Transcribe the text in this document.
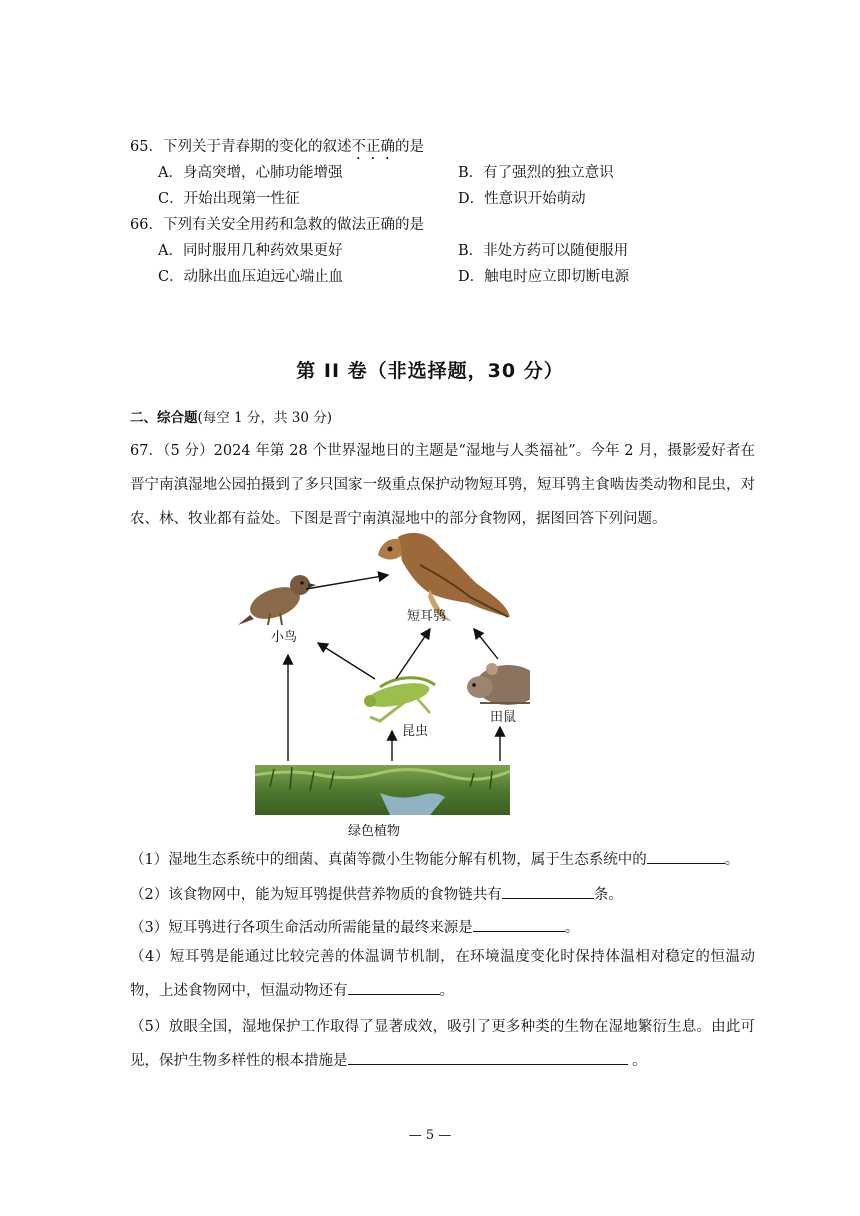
65．下列关于青春期的变化的叙述不正确的是
A．身高突增，心肺功能增强	B．有了强烈的独立意识
C．开始出现第一性征	D．性意识开始萌动
66．下列有关安全用药和急救的做法正确的是
A．同时服用几种药效果更好	B．非处方药可以随便服用
C．动脉出血压迫远心端止血	D．触电时应立即切断电源
第 II 卷（非选择题，30 分）
二、综合题(每空 1 分，共 30 分)
67．（5 分）2024 年第 28 个世界湿地日的主题是“湿地与人类福祉”。今年 2 月，摄影爱好者在晋宁南滇湿地公园拍摄到了多只国家一级重点保护动物短耳鸮，短耳鸮主食啮齿类动物和昆虫，对农、林、牧业都有益处。下图是晋宁南滇湿地中的部分食物网，据图回答下列问题。
短耳鸮
小鸟
昆虫
田鼠
绿色植物
（1）湿地生态系统中的细菌、真菌等微小生物能分解有机物，属于生态系统中的	。
（2）该食物网中，能为短耳鸮提供营养物质的食物链共有	条。
（3）短耳鸮进行各项生命活动所需能量的最终来源是	。
（4）短耳鸮是能通过比较完善的体温调节机制，在环境温度变化时保持体温相对稳定的恒温动物，上述食物网中，恒温动物还有	。
（5）放眼全国，湿地保护工作取得了显著成效，吸引了更多种类的生物在湿地繁衍生息。由此可见，保护生物多样性的根本措施是	。
— 5 —
